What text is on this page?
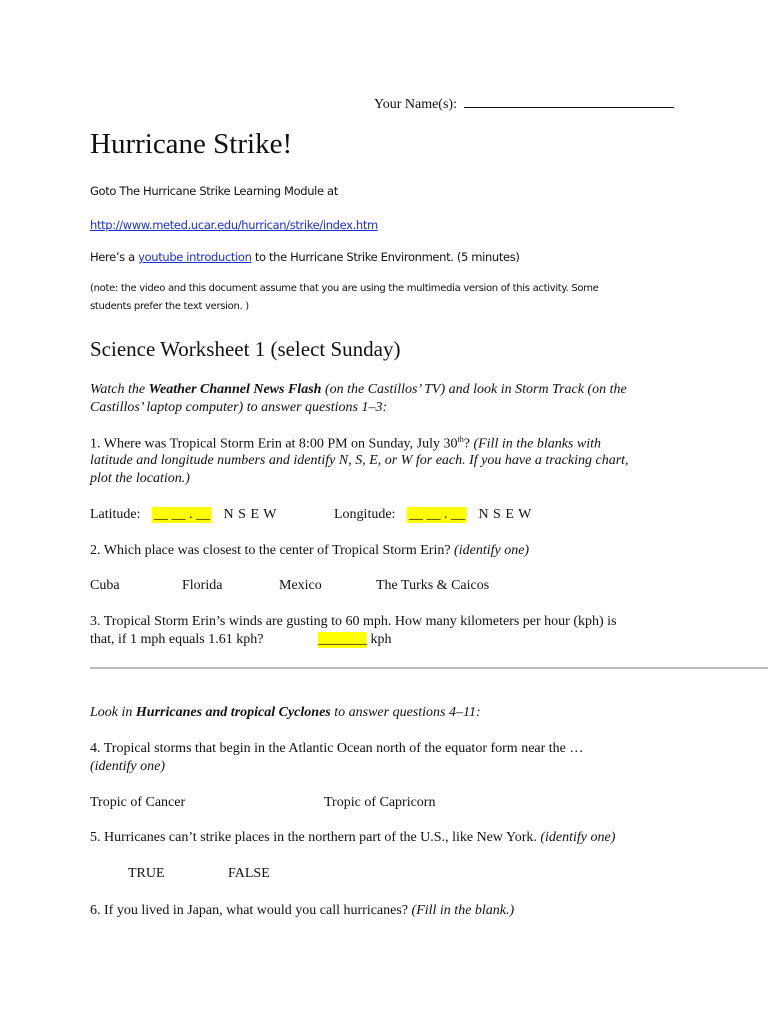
Your Name(s):
Hurricane Strike!
Goto The Hurricane Strike Learning Module at
http://www.meted.ucar.edu/hurrican/strike/index.htm
Here’s a youtube introduction to the Hurricane Strike Environment. (5 minutes)
(note: the video and this document assume that you are using the multimedia version of this activity. Some
students prefer the text version. )
Science Worksheet 1 (select Sunday)
Watch the Weather Channel News Flash (on the Castillos’ TV) and look in Storm Track (on the
Castillos’ laptop computer) to answer questions 1–3:
1. Where was Tropical Storm Erin at 8:00 PM on Sunday, July 30th? (Fill in the blanks with
latitude and longitude numbers and identify N, S, E, or W for each. If you have a tracking chart,
plot the location.)
Latitude: __ __ . __ N S E W	Longitude: __ __ . __ N S E W
2. Which place was closest to the center of Tropical Storm Erin? (identify one)
Cuba	Florida	Mexico	The Turks & Caicos
3. Tropical Storm Erin’s winds are gusting to 60 mph. How many kilometers per hour (kph) is
that, if 1 mph equals 1.61 kph?	_______ kph
Look in Hurricanes and tropical Cyclones to answer questions 4–11:
4. Tropical storms that begin in the Atlantic Ocean north of the equator form near the …
(identify one)
Tropic of Cancer	Tropic of Capricorn
5. Hurricanes can’t strike places in the northern part of the U.S., like New York. (identify one)
TRUE	FALSE
6. If you lived in Japan, what would you call hurricanes? (Fill in the blank.)
